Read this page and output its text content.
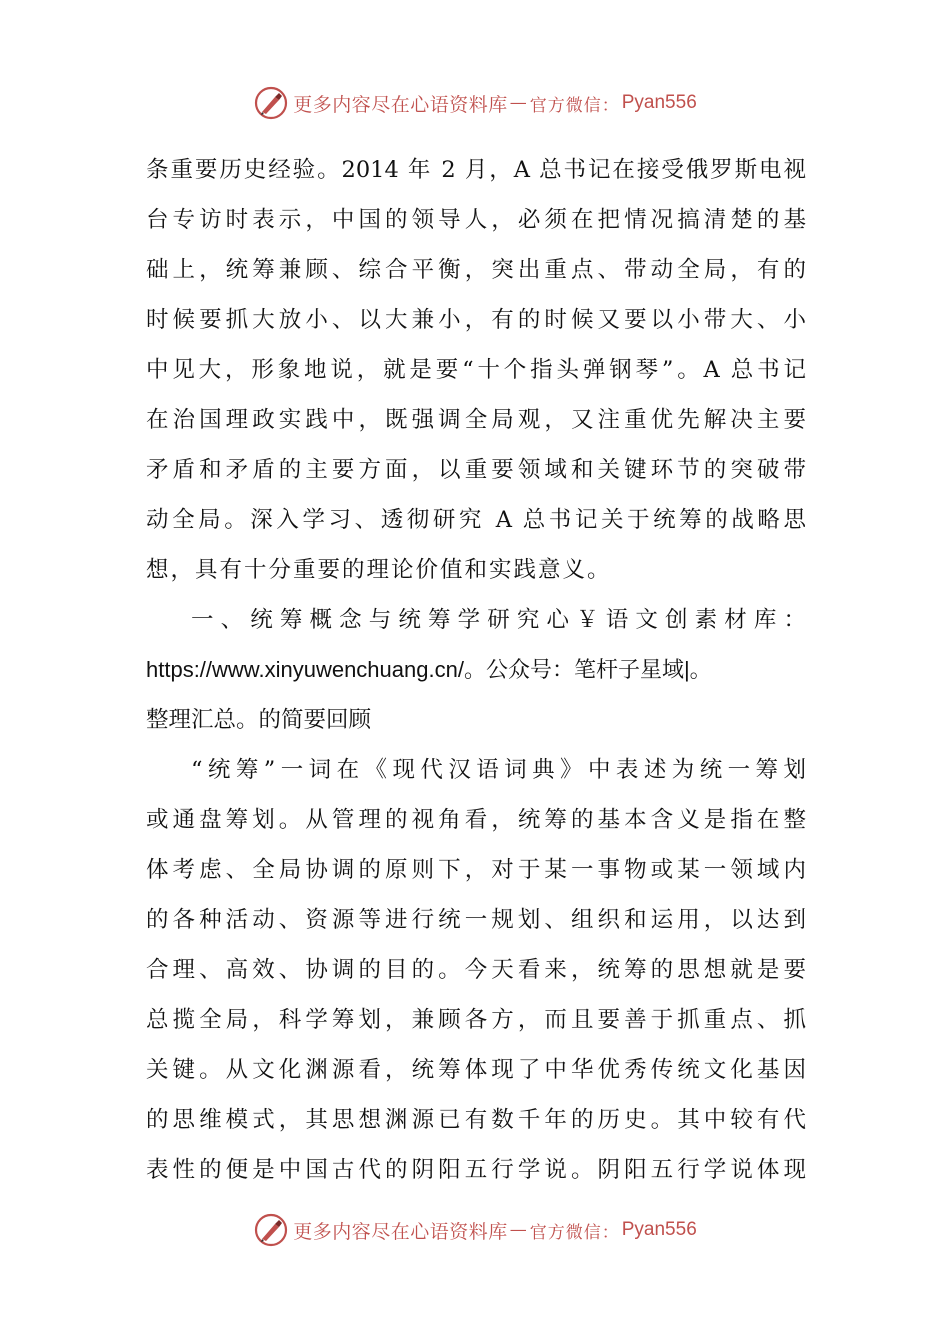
更多内容尽在心语资料库 — 官方微信： Pyan556
条重要历史经验。2014 年 2 月，A 总书记在接受俄罗斯电视
台专访时表示，中国的领导人，必须在把情况搞清楚的基
础上，统筹兼顾、综合平衡，突出重点、带动全局，有的
时候要抓大放小、以大兼小，有的时候又要以小带大、小
中见大，形象地说，就是要“十个指头弹钢琴”。A 总书记
在治国理政实践中，既强调全局观，又注重优先解决主要
矛盾和矛盾的主要方面，以重要领域和关键环节的突破带
动全局。深入学习、透彻研究 A 总书记关于统筹的战略思
想，具有十分重要的理论价值和实践意义。
一、统筹概念与统筹学研究心￥语文创素材库：
https://www.xinyuwenchuang.cn/。公众号：笔杆子星域|。
整理汇总。的简要回顾
“统筹”一词在《现代汉语词典》中表述为统一筹划
或通盘筹划。从管理的视角看，统筹的基本含义是指在整
体考虑、全局协调的原则下，对于某一事物或某一领域内
的各种活动、资源等进行统一规划、组织和运用，以达到
合理、高效、协调的目的。今天看来，统筹的思想就是要
总揽全局，科学筹划，兼顾各方，而且要善于抓重点、抓
关键。从文化渊源看，统筹体现了中华优秀传统文化基因
的思维模式，其思想渊源已有数千年的历史。其中较有代
表性的便是中国古代的阴阳五行学说。阴阳五行学说体现
更多内容尽在心语资料库 — 官方微信： Pyan556
